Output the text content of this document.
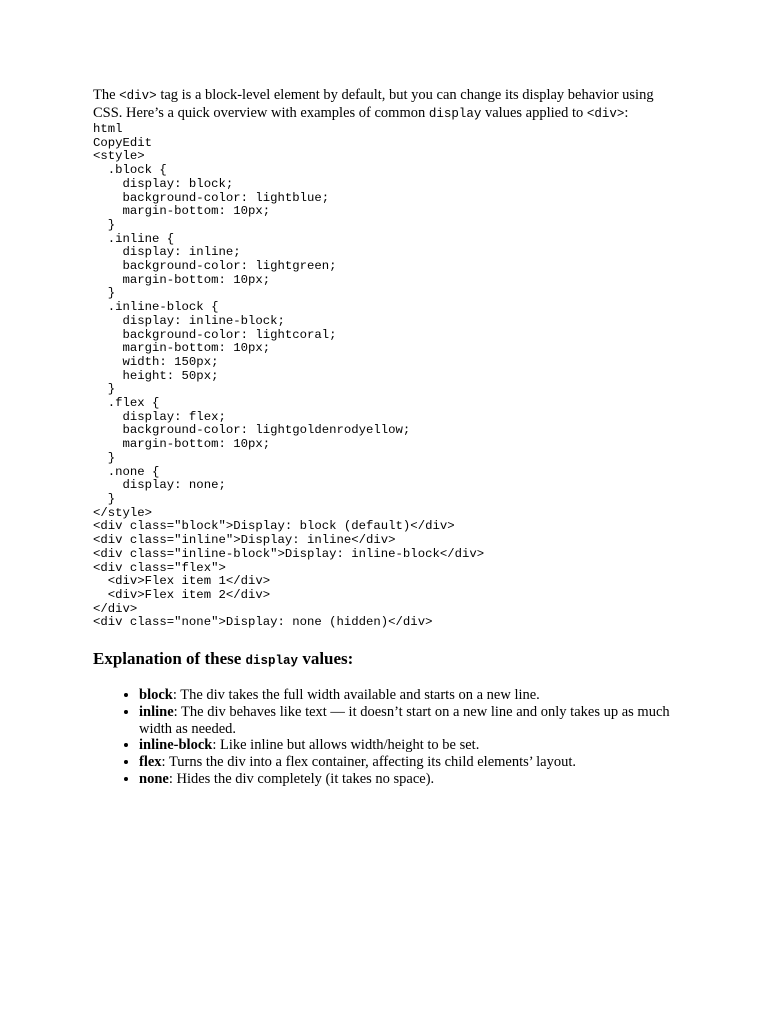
The <div> tag is a block-level element by default, but you can change its display behavior using CSS. Here’s a quick overview with examples of common display values applied to <div>:

html
CopyEdit
<style>
.block {
display: block;
background-color: lightblue;
margin-bottom: 10px;
}
.inline {
display: inline;
background-color: lightgreen;
margin-bottom: 10px;
}
.inline-block {
display: inline-block;
background-color: lightcoral;
margin-bottom: 10px;
width: 150px;
height: 50px;
}
.flex {
display: flex;
background-color: lightgoldenrodyellow;
margin-bottom: 10px;
}
.none {
display: none;
}
</style>
<div class="block">Display: block (default)</div>
<div class="inline">Display: inline</div>
<div class="inline-block">Display: inline-block</div>
<div class="flex">
<div>Flex item 1</div>
<div>Flex item 2</div>
</div>
<div class="none">Display: none (hidden)</div>
Explanation of these display values:
• block: The div takes the full width available and starts on a new line.
• inline: The div behaves like text — it doesn’t start on a new line and only takes up as much width as needed.
• inline-block: Like inline but allows width/height to be set.
• flex: Turns the div into a flex container, affecting its child elements’ layout.
• none: Hides the div completely (it takes no space).
